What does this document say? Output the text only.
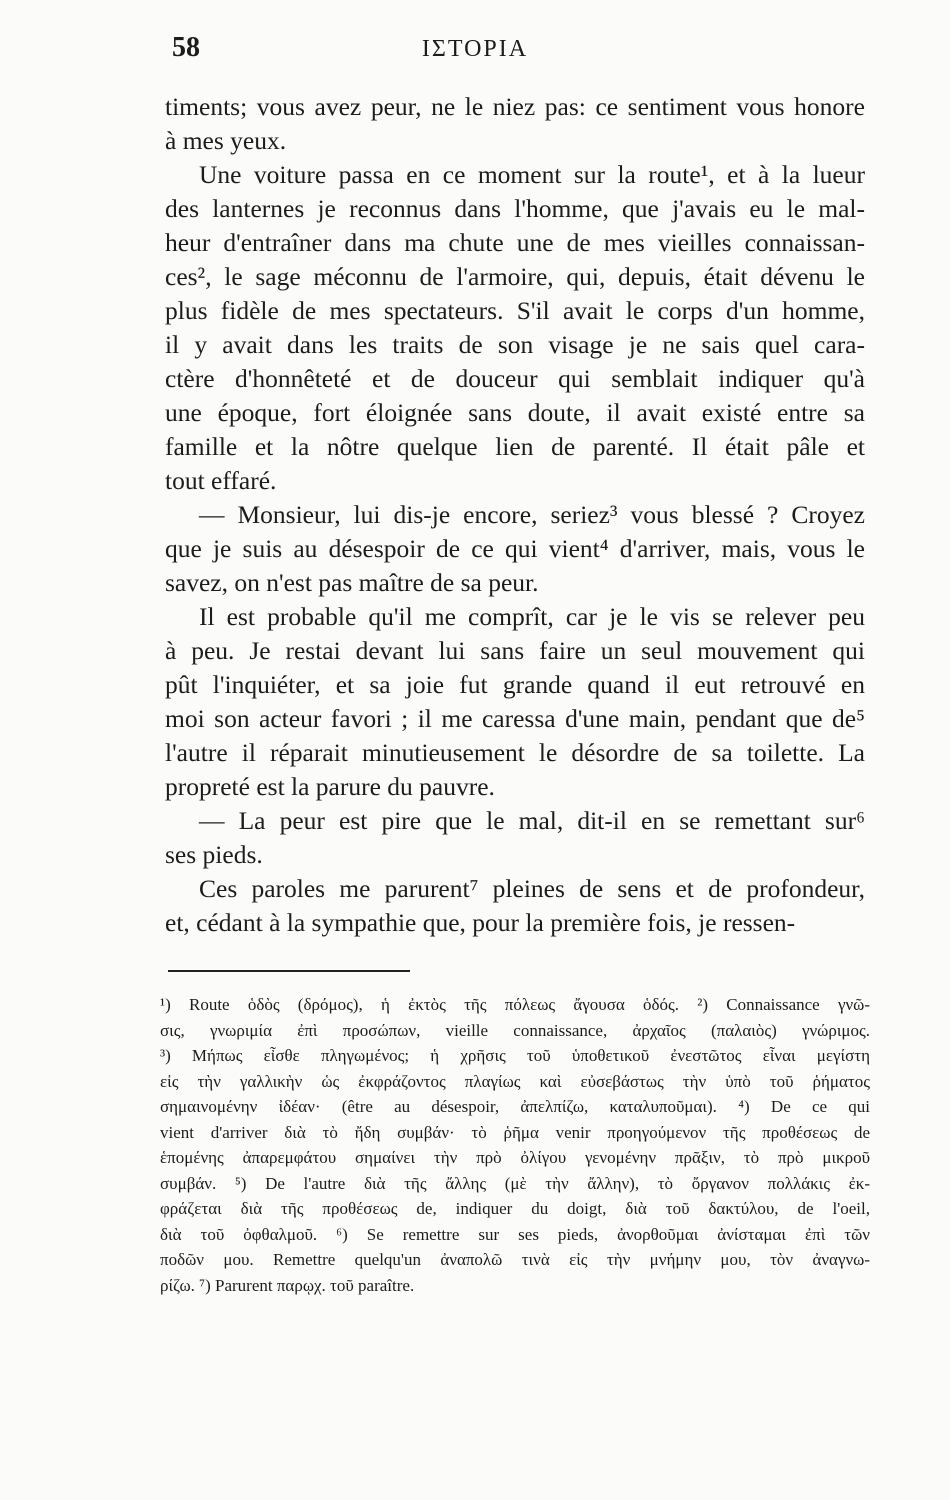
58	ΙΣΤΟΡΙΑ

timents; vous avez peur, ne le niez pas: ce sentiment vous honore
à mes yeux.

Une voiture passa en ce moment sur la route¹, et à la lueur
des lanternes je reconnus dans l'homme, que j'avais eu le mal-
heur d'entraîner dans ma chute une de mes vieilles connaissan-
ces², le sage méconnu de l'armoire, qui, depuis, était dévenu le
plus fidèle de mes spectateurs. S'il avait le corps d'un homme,
il y avait dans les traits de son visage je ne sais quel cara-
ctère d'honnêteté et de douceur qui semblait indiquer qu'à
une époque, fort éloignée sans doute, il avait existé entre sa
famille et la nôtre quelque lien de parenté. Il était pâle et
tout effaré.

— Monsieur, lui dis-je encore, seriez³ vous blessé ? Croyez
que je suis au désespoir de ce qui vient⁴ d'arriver, mais, vous le
savez, on n'est pas maître de sa peur.

Il est probable qu'il me comprît, car je le vis se relever peu
à peu. Je restai devant lui sans faire un seul mouvement qui
pût l'inquiéter, et sa joie fut grande quand il eut retrouvé en
moi son acteur favori ; il me caressa d'une main, pendant que de⁵
l'autre il réparait minutieusement le désordre de sa toilette. La
propreté est la parure du pauvre.

— La peur est pire que le mal, dit-il en se remettant sur⁶
ses pieds.

Ces paroles me parurent⁷ pleines de sens et de profondeur,
et, cédant à la sympathie que, pour la première fois, je ressen-

¹) Route ὁδὸς (δρόμος), ἡ ἐκτὸς τῆς πόλεως ἄγουσα ὁδός. ²) Connaissance γνῶ-
σις, γνωριμία ἐπὶ προσώπων, vieille connaissance, ἀρχαῖος (παλαιὸς) γνώριμος.
³) Μήπως εἶσθε πληγωμένος; ἡ χρῆσις τοῦ ὑποθετικοῦ ἐνεστῶτος εἶναι μεγίστη
εἰς τὴν γαλλικὴν ὡς ἐκφράζοντος πλαγίως καὶ εὐσεβάστως τὴν ὑπὸ τοῦ ῥήματος
σημαινομένην ἰδέαν· (être au désespoir, ἀπελπίζω, καταλυποῦμαι). ⁴) De ce qui
vient d'arriver διὰ τὸ ἤδη συμβάν· τὸ ῥῆμα venir προηγούμενον τῆς προθέσεως de
ἑπομένης ἀπαρεμφάτου σημαίνει τὴν πρὸ ὀλίγου γενομένην πρᾶξιν, τὸ πρὸ μικροῦ
συμβάν. ⁵) De l'autre διὰ τῆς ἄλλης (μὲ τὴν ἄλλην), τὸ ὄργανον πολλάκις ἐκ-
φράζεται διὰ τῆς προθέσεως de, indiquer du doigt, διὰ τοῦ δακτύλου, de l'oeil,
διὰ τοῦ ὀφθαλμοῦ. ⁶) Se remettre sur ses pieds, ἀνορθοῦμαι ἀνίσταμαι ἐπὶ τῶν
ποδῶν μου. Remettre quelqu'un ἀναπολῶ τινὰ εἰς τὴν μνήμην μου, τὸν ἀναγνω-
ρίζω. ⁷) Parurent παρῳχ. τοῦ paraître.
